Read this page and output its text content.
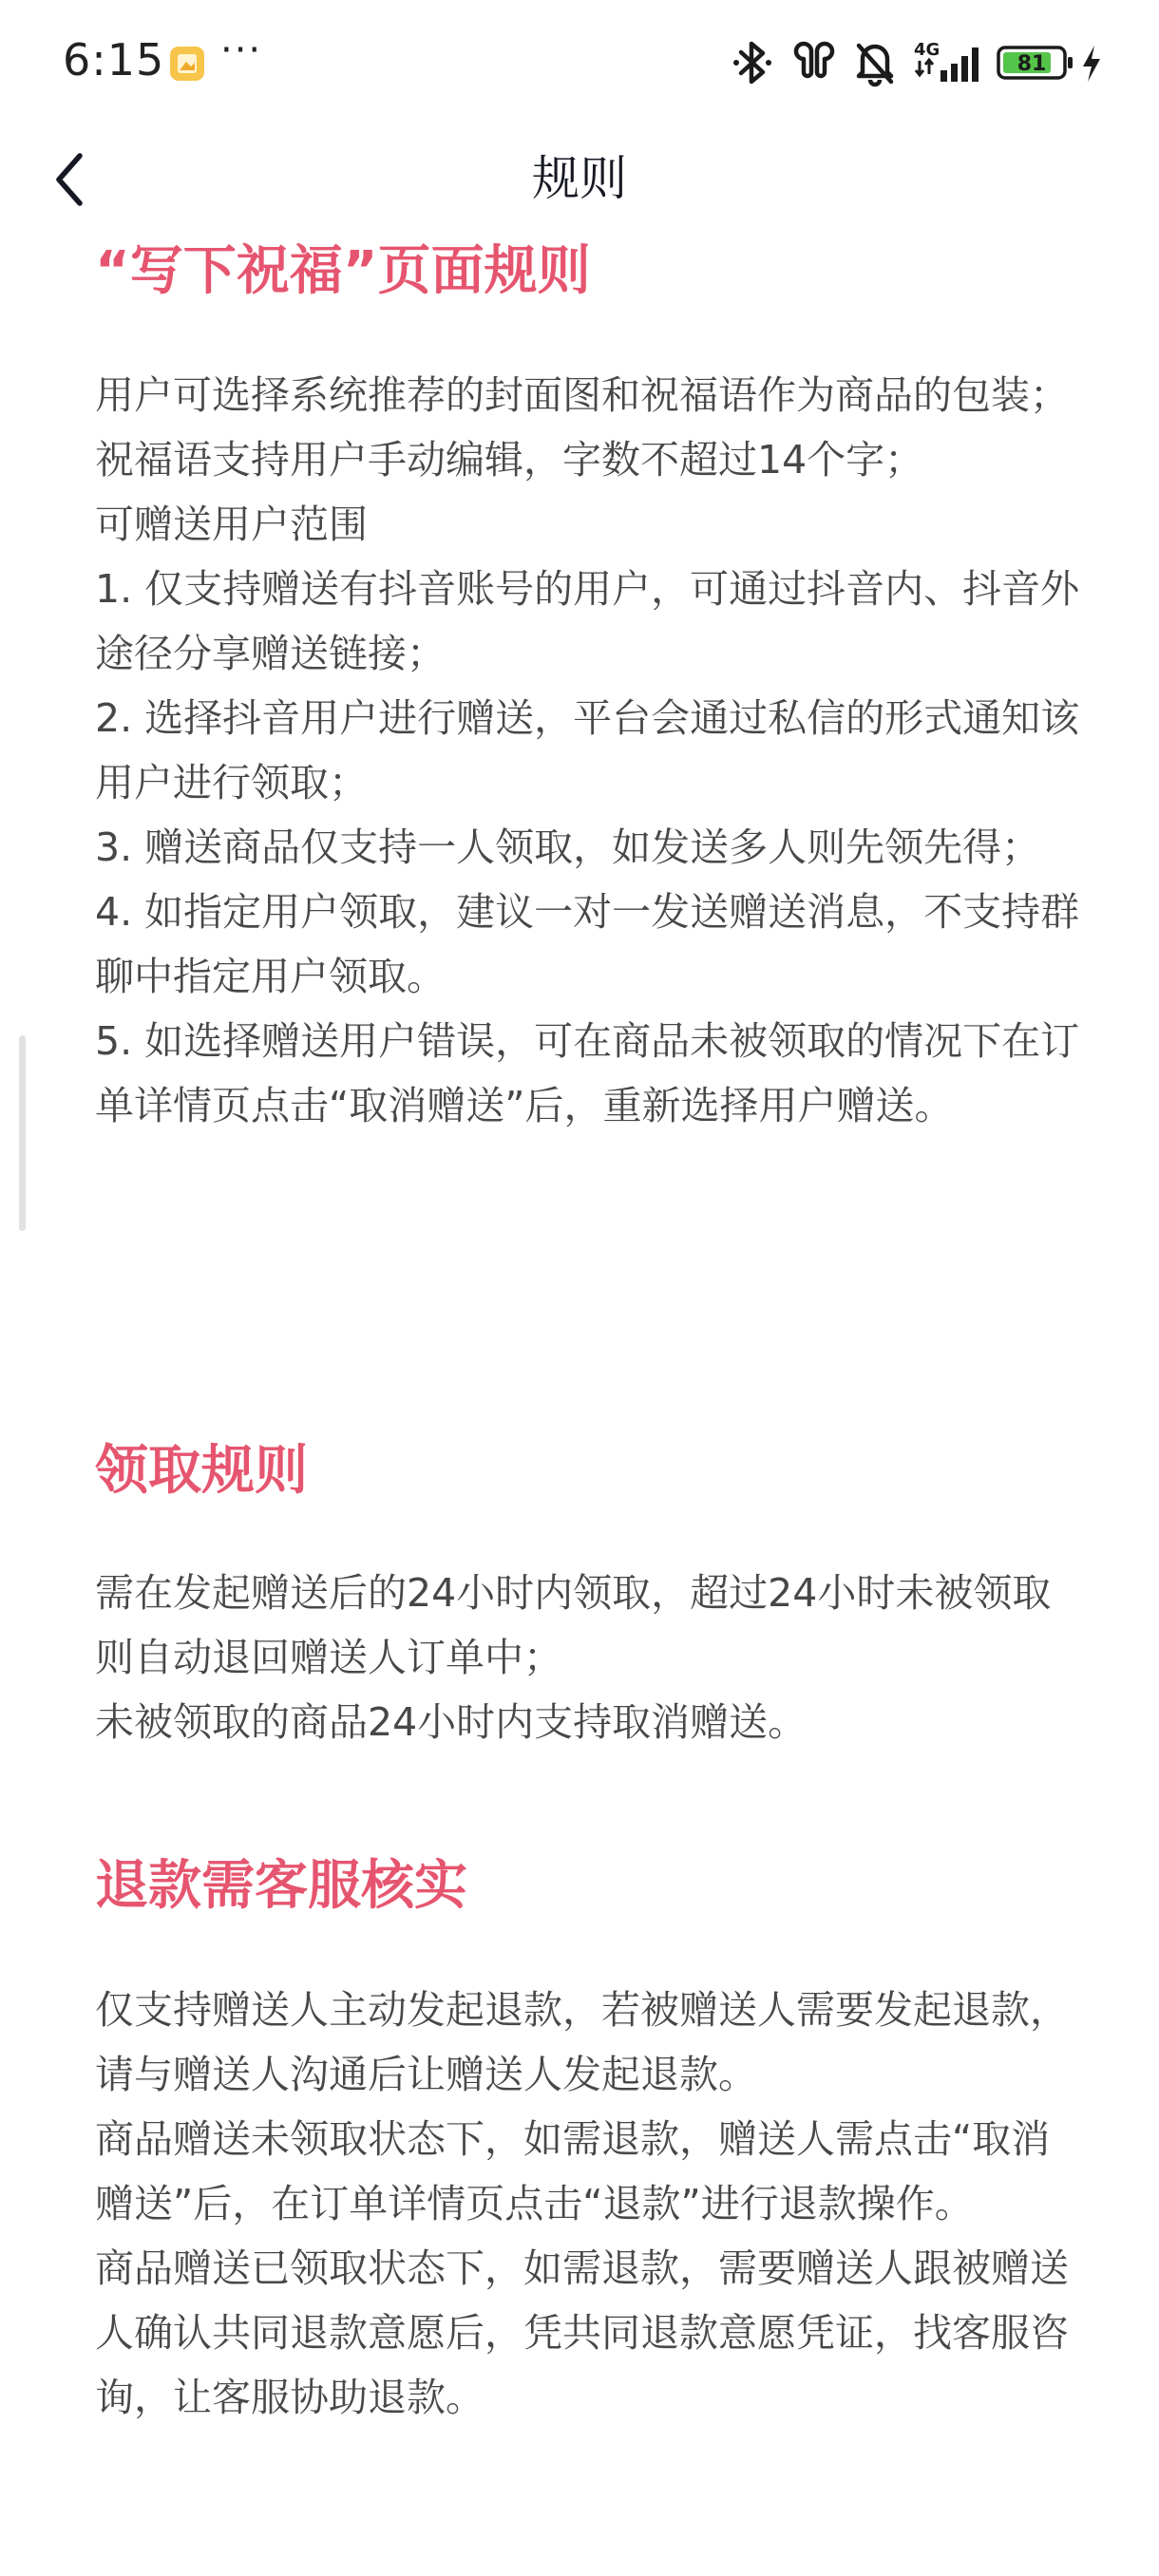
6:15 ···	4G
81
规则
“写下祝福”页面规则

用户可选择系统推荐的封面图和祝福语作为商品的包装；

祝福语支持用户手动编辑，字数不超过14个字；

可赠送用户范围

1. 仅支持赠送有抖音账号的用户，可通过抖音内、抖音外途径分享赠送链接；

2. 选择抖音用户进行赠送，平台会通过私信的形式通知该用户进行领取；

3. 赠送商品仅支持一人领取，如发送多人则先领先得；

4. 如指定用户领取，建议一对一发送赠送消息，不支持群聊中指定用户领取。

5. 如选择赠送用户错误，可在商品未被领取的情况下在订单详情页点击“取消赠送”后，重新选择用户赠送。

领取规则

需在发起赠送后的24小时内领取，超过24小时未被领取则自动退回赠送人订单中；

未被领取的商品24小时内支持取消赠送。

退款需客服核实

仅支持赠送人主动发起退款，若被赠送人需要发起退款，请与赠送人沟通后让赠送人发起退款。

商品赠送未领取状态下，如需退款，赠送人需点击“取消赠送”后，在订单详情页点击“退款”进行退款操作。

商品赠送已领取状态下，如需退款，需要赠送人跟被赠送人确认共同退款意愿后，凭共同退款意愿凭证，找客服咨询，让客服协助退款。
